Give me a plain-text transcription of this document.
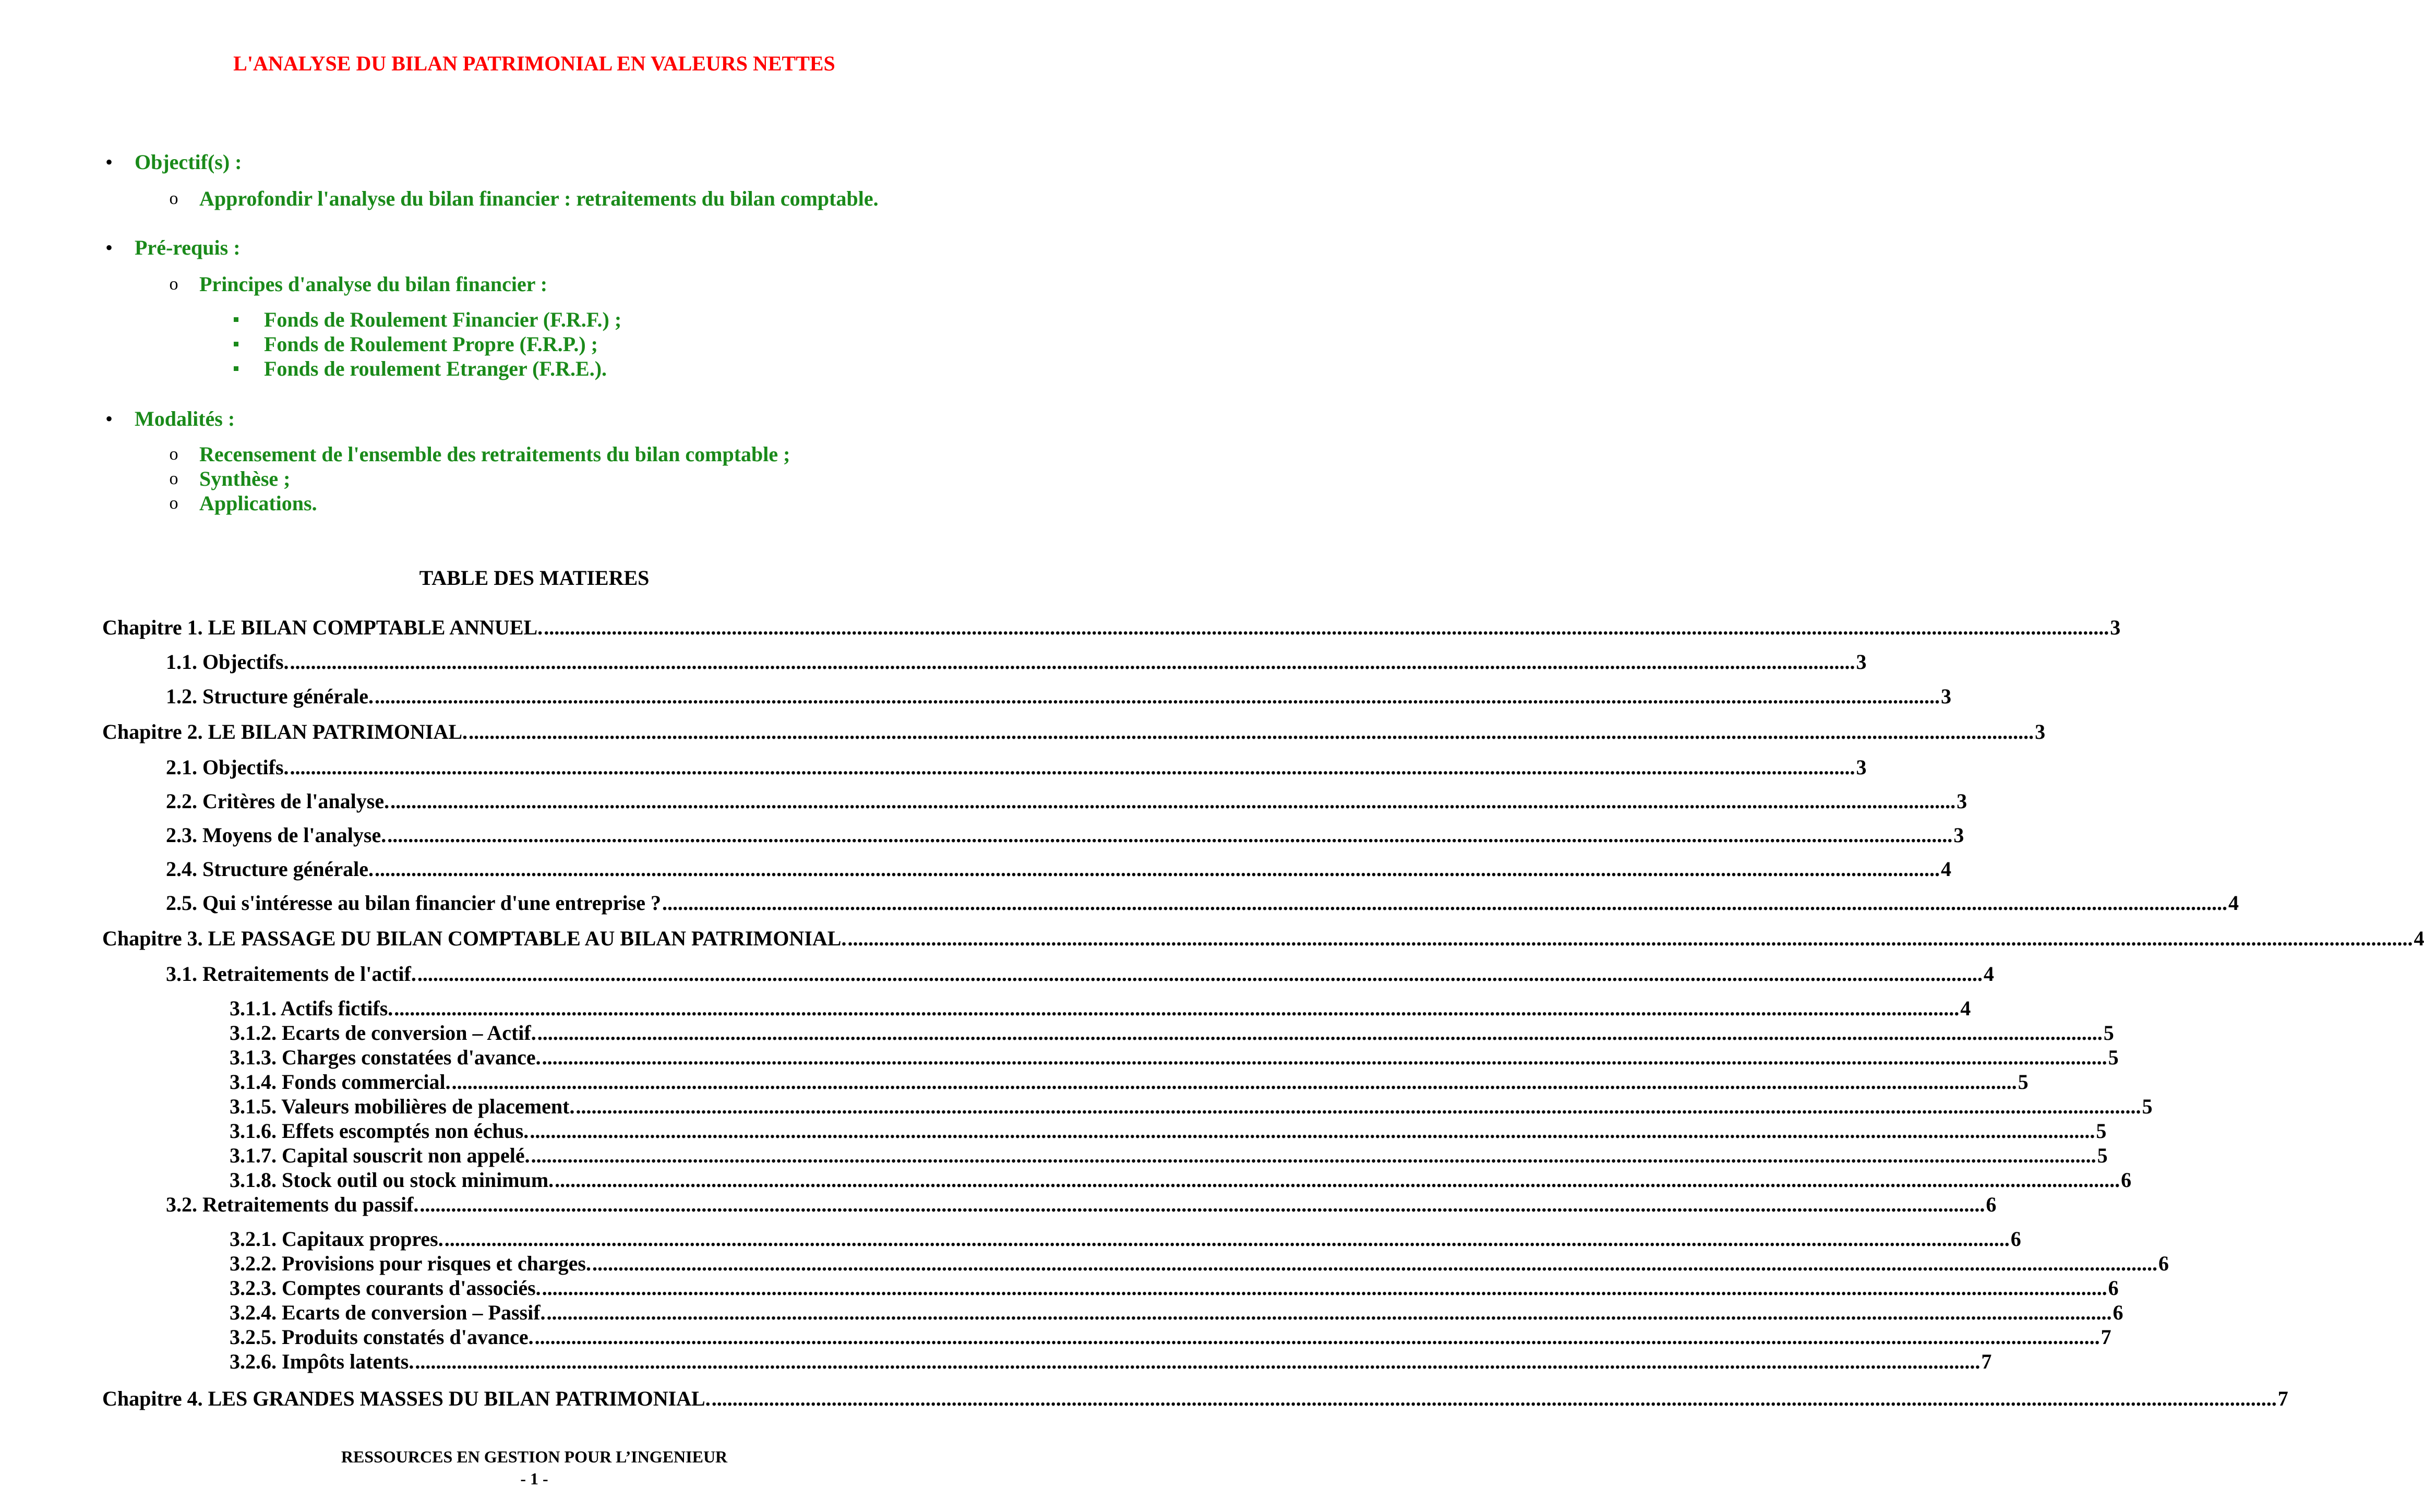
L'ANALYSE DU BILAN PATRIMONIAL EN VALEURS NETTES
• Objectif(s) :
o Approfondir l'analyse du bilan financier : retraitements du bilan comptable.
• Pré-requis :
o Principes d'analyse du bilan financier :
Fonds de Roulement Financier (F.R.F.) ;
Fonds de Roulement Propre (F.R.P.) ;
Fonds de roulement Etranger (F.R.E.).
• Modalités :
o Recensement de l'ensemble des retraitements du bilan comptable ;
o Synthèse ;
o Applications.
TABLE DES MATIERES
Chapitre 1. LE BILAN COMPTABLE ANNUEL. ............................................................................................................................................................................................................................................................................................................ 3
1.1. Objectifs. ............................................................................................................................................................................................................................................................................................................ 3
1.2. Structure générale. ............................................................................................................................................................................................................................................................................................................ 3
Chapitre 2. LE BILAN PATRIMONIAL. ............................................................................................................................................................................................................................................................................................................ 3
2.1. Objectifs. ............................................................................................................................................................................................................................................................................................................ 3
2.2. Critères de l'analyse. ............................................................................................................................................................................................................................................................................................................ 3
2.3. Moyens de l'analyse. ............................................................................................................................................................................................................................................................................................................ 3
2.4. Structure générale. ............................................................................................................................................................................................................................................................................................................ 4
2.5. Qui s'intéresse au bilan financier d'une entreprise ? ............................................................................................................................................................................................................................................................................................................ 4
Chapitre 3. LE PASSAGE DU BILAN COMPTABLE AU BILAN PATRIMONIAL. ............................................................................................................................................................................................................................................................................................................ 4
3.1. Retraitements de l'actif. ............................................................................................................................................................................................................................................................................................................ 4
3.1.1. Actifs fictifs. ............................................................................................................................................................................................................................................................................................................ 4
3.1.2. Ecarts de conversion – Actif. ............................................................................................................................................................................................................................................................................................................ 5
3.1.3. Charges constatées d'avance. ............................................................................................................................................................................................................................................................................................................ 5
3.1.4. Fonds commercial. ............................................................................................................................................................................................................................................................................................................ 5
3.1.5. Valeurs mobilières de placement. ............................................................................................................................................................................................................................................................................................................ 5
3.1.6. Effets escomptés non échus. ............................................................................................................................................................................................................................................................................................................ 5
3.1.7. Capital souscrit non appelé. ............................................................................................................................................................................................................................................................................................................ 5
3.1.8. Stock outil ou stock minimum. ............................................................................................................................................................................................................................................................................................................ 6
3.2. Retraitements du passif. ............................................................................................................................................................................................................................................................................................................ 6
3.2.1. Capitaux propres. ............................................................................................................................................................................................................................................................................................................ 6
3.2.2. Provisions pour risques et charges. ............................................................................................................................................................................................................................................................................................................ 6
3.2.3. Comptes courants d'associés. ............................................................................................................................................................................................................................................................................................................ 6
3.2.4. Ecarts de conversion – Passif. ............................................................................................................................................................................................................................................................................................................ 6
3.2.5. Produits constatés d'avance. ............................................................................................................................................................................................................................................................................................................ 7
3.2.6. Impôts latents. ............................................................................................................................................................................................................................................................................................................ 7
Chapitre 4. LES GRANDES MASSES DU BILAN PATRIMONIAL. ............................................................................................................................................................................................................................................................................................................ 7
RESSOURCES EN GESTION POUR L’INGENIEUR
- 1 -
